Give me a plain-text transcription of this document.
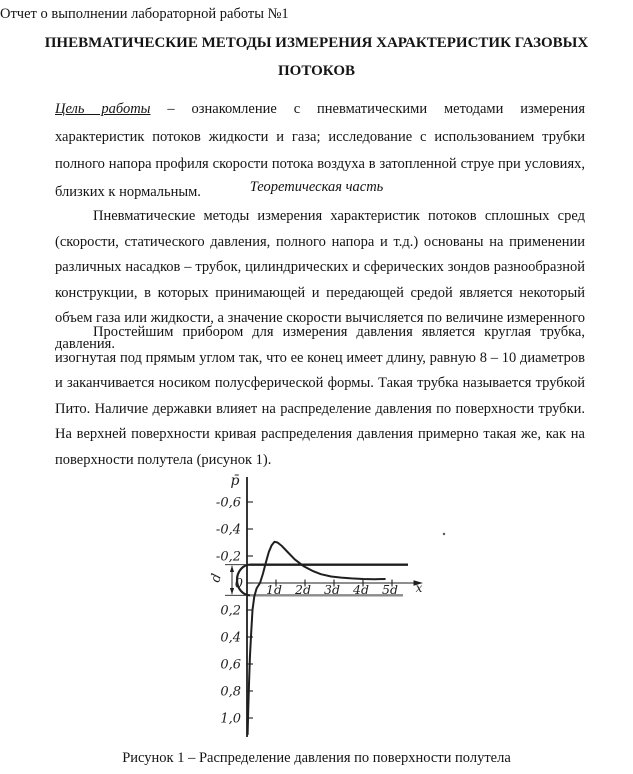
Отчет о выполнении лабораторной работы №1
ПНЕВМАТИЧЕСКИЕ МЕТОДЫ ИЗМЕРЕНИЯ ХАРАКТЕРИСТИК ГАЗОВЫХ ПОТОКОВ
Цель работы – ознакомление с пневматическими методами измерения характеристик потоков жидкости и газа; исследование с использованием трубки полного напора профиля скорости потока воздуха в затопленной струе при условиях, близких к нормальным.	Теоретическая часть
Пневматические методы измерения характеристик потоков сплошных сред (скорости, статического давления, полного напора и т.д.) основаны на применении различных насадков – трубок, цилиндрических и сферических зондов разнообразной конструкции, в которых принимающей и передающей средой является некоторый объем газа или жидкости, а значение скорости вычисляется по величине измеренного давления.
Простейшим прибором для измерения давления является круглая трубка, изогнутая под прямым углом так, что ее конец имеет длину, равную 8 – 10 диаметров и заканчивается носиком полусферической формы. Такая трубка называется трубкой Пито. Наличие державки влияет на распределение давления по поверхности трубки. На верхней поверхности кривая распределения давления примерно такая же, как на поверхности полутела (рисунок 1).
-0,6
-0,4
-0,2
0
0,2
0,4
0,6
0,8
1,0
1d 2d 3d 4d 5d
p̄
x
d
Рисунок 1 – Распределение давления по поверхности полутела
